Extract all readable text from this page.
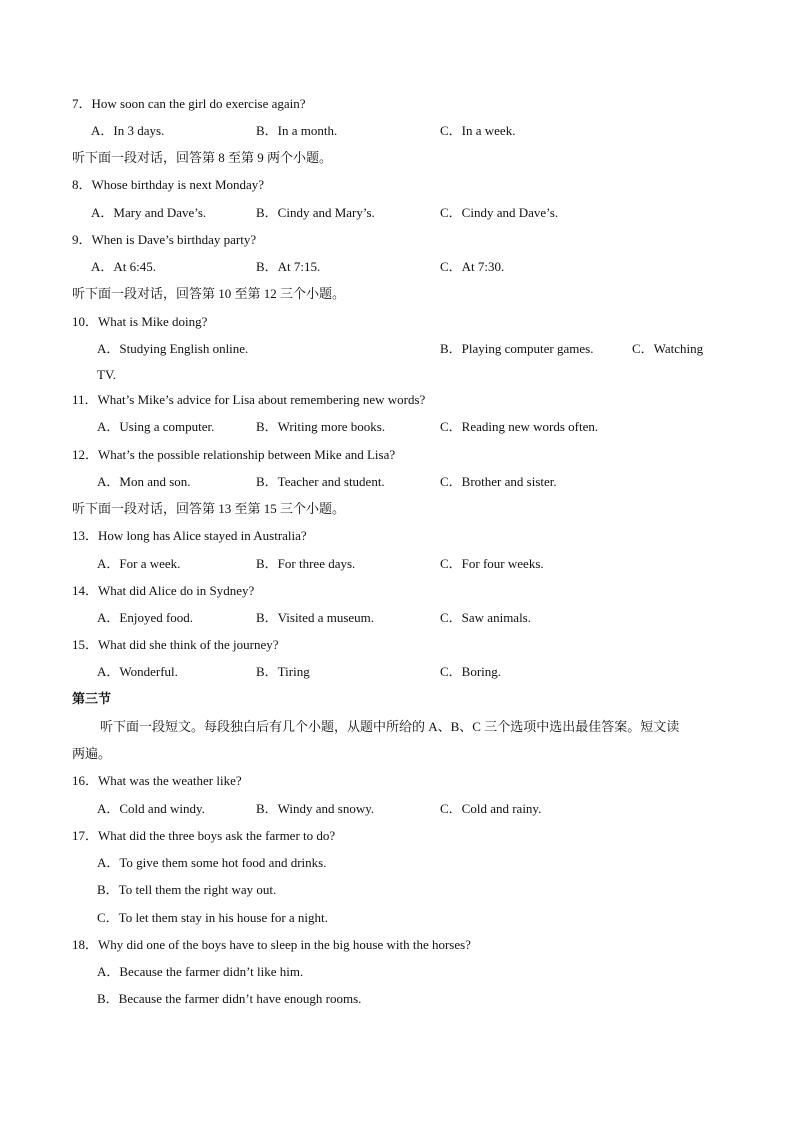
7．How soon can the girl do exercise again?
A．In 3 days.	B．In a month.	C．In a week.
听下面一段对话，回答第 8 至第 9 两个小题。
8．Whose birthday is next Monday?
A．Mary and Dave’s.	B．Cindy and Mary’s.	C．Cindy and Dave’s.
9．When is Dave’s birthday party?
A．At 6:45.	B．At 7:15.	C．At 7:30.
听下面一段对话，回答第 10 至第 12 三个小题。
10．What is Mike doing?
A．Studying English online.	B．Playing computer games.	C．Watching
TV.
11．What’s Mike’s advice for Lisa about remembering new words?
A．Using a computer.	B．Writing more books.	C．Reading new words often.
12．What’s the possible relationship between Mike and Lisa?
A．Mon and son.	B．Teacher and student.	C．Brother and sister.
听下面一段对话，回答第 13 至第 15 三个小题。
13．How long has Alice stayed in Australia?
A．For a week.	B．For three days.	C．For four weeks.
14．What did Alice do in Sydney?
A．Enjoyed food.	B．Visited a museum.	C．Saw animals.
15．What did she think of the journey?
A．Wonderful.	B．Tiring	C．Boring.
第三节
听下面一段短文。每段独白后有几个小题，从题中所给的 A、B、C 三个选项中选出最佳答案。短文读
两遍。
16．What was the weather like?
A．Cold and windy.	B．Windy and snowy.	C．Cold and rainy.
17．What did the three boys ask the farmer to do?
A．To give them some hot food and drinks.
B．To tell them the right way out.
C．To let them stay in his house for a night.
18．Why did one of the boys have to sleep in the big house with the horses?
A．Because the farmer didn’t like him.
B．Because the farmer didn’t have enough rooms.
